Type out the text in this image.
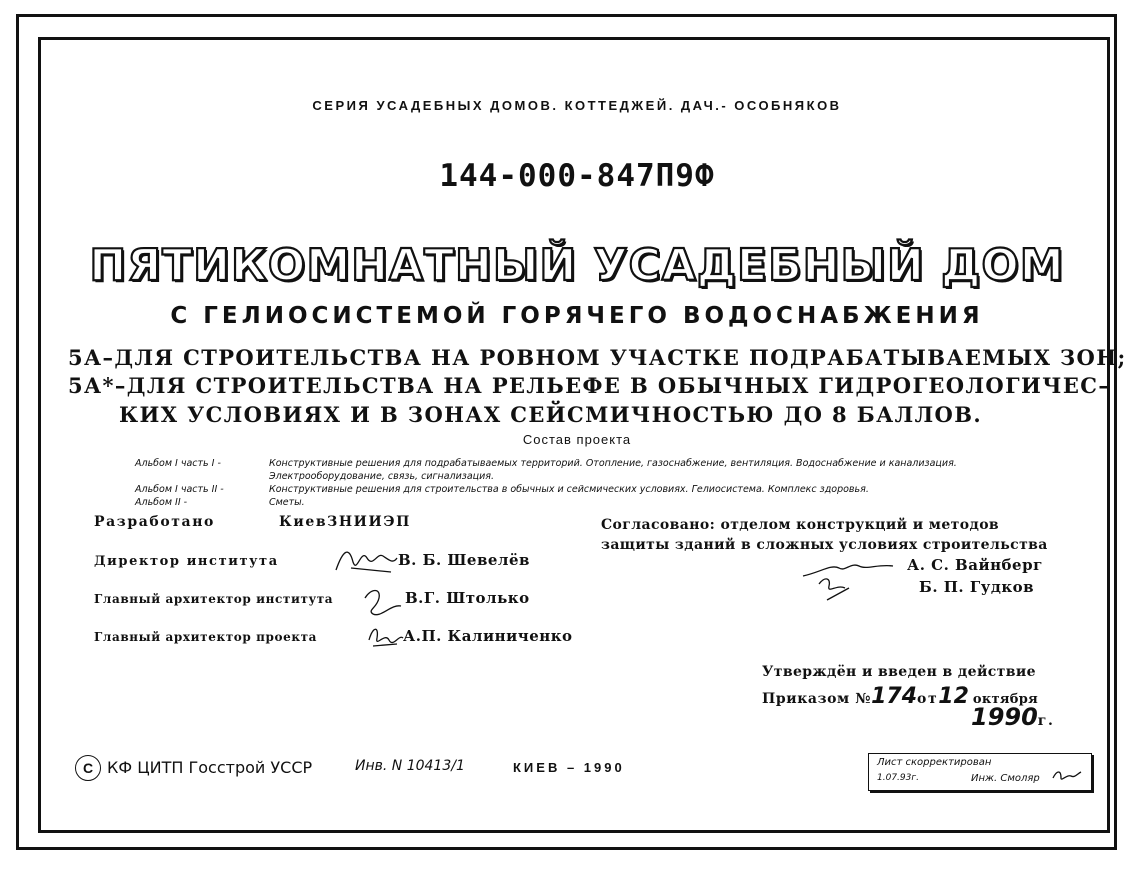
СЕРИЯ УСАДЕБНЫХ ДОМОВ. КОТТЕДЖЕЙ. ДАЧ.- ОСОБНЯКОВ
144-000-847П9Ф
ПЯТИКОМНАТНЫЙ УСАДЕБНЫЙ ДОМ
С ГЕЛИОСИСТЕМОЙ ГОРЯЧЕГО ВОДОСНАБЖЕНИЯ
5А–ДЛЯ СТРОИТЕЛЬСТВА НА РОВНОМ УЧАСТКЕ ПОДРАБАТЫВАЕМЫХ ЗОН;
5А*–ДЛЯ СТРОИТЕЛЬСТВА НА РЕЛЬЕФЕ В ОБЫЧНЫХ ГИДРОГЕОЛОГИЧЕС–
КИХ УСЛОВИЯХ И В ЗОНАХ СЕЙСМИЧНОСТЬЮ ДО 8 БАЛЛОВ.
Состав проекта
Альбом I часть I -	Конструктивные решения для подрабатываемых территорий. Отопление, газоснабжение, вентиляция. Водоснабжение и канализация.
Электрооборудование, связь, сигнализация.
Альбом I часть II -	Конструктивные решения для строительства в обычных и сейсмических условиях. Гелиосистема. Комплекс здоровья.
Альбом II -	Сметы.
Разработано	КиевЗНИИЭП
Директор института	В. Б. Шевелёв
Главный архитектор института	В.Г. Штолько
Главный архитектор проекта	А.П. Калиниченко
Согласовано: отделом конструкций и методов
защиты зданий в сложных условиях строительства
А. С. Вайнберг
Б. П. Гудков
Утверждён и введен в действие
Приказом №174от12 октября
1990г.
С КФ ЦИТП Госстрой УССР	Инв. N 10413/1	КИЕВ – 1990	Лист скорректирован
1.07.93г.	Инж. Смоляр
